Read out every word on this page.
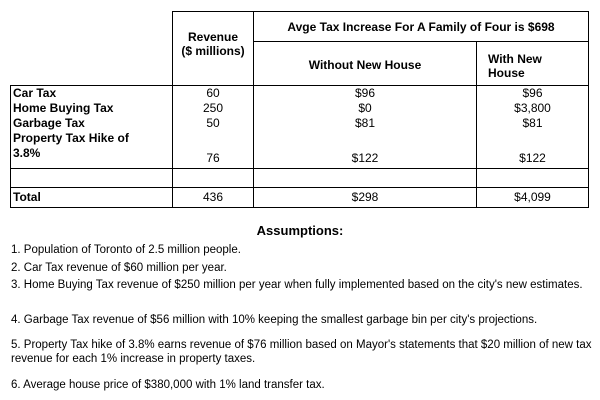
Revenue
($ millions)
Avge Tax Increase For A Family of Four is $698
Without New House	With New
House
Car Tax	60	$96	$96
Home Buying Tax	250	$0	$3,800
Garbage Tax	50	$81	$81
Property Tax Hike of
3.8%	76	$122	$122
Total	436	$298	$4,099
Assumptions:
1. Population of Toronto of 2.5 million people.
2. Car Tax revenue of $60 million per year.
3. Home Buying Tax revenue of $250 million per year when fully implemented based on the city's new estimates.
4. Garbage Tax revenue of $56 million with 10% keeping the smallest garbage bin per city's projections.
5. Property Tax hike of 3.8% earns revenue of $76 million based on Mayor's statements that $20 million of new tax revenue for each 1% increase in property taxes.
6. Average house price of $380,000 with 1% land transfer tax.
